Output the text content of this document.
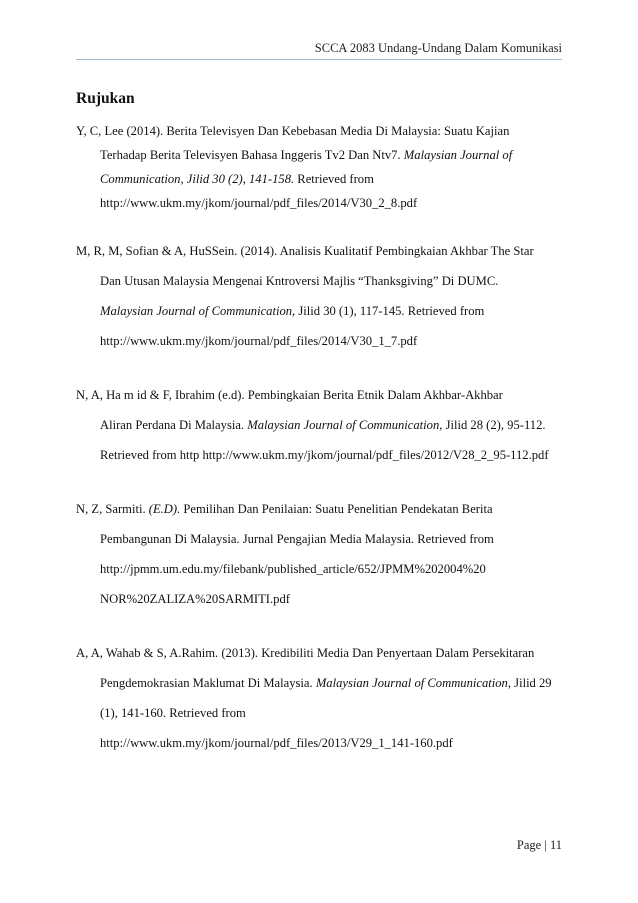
SCCA 2083 Undang-Undang Dalam Komunikasi
Rujukan
Y, C, Lee (2014). Berita Televisyen Dan Kebebasan Media Di Malaysia: Suatu Kajian
Terhadap Berita Televisyen Bahasa Inggeris Tv2 Dan Ntv7. Malaysian Journal of
Communication, Jilid 30 (2), 141-158. Retrieved from
http://www.ukm.my/jkom/journal/pdf_files/2014/V30_2_8.pdf
M, R, M, Sofian & A, HuSSein. (2014). Analisis Kualitatif Pembingkaian Akhbar The Star
Dan Utusan Malaysia Mengenai Kntroversi Majlis “Thanksgiving” Di DUMC.
Malaysian Journal of Communication, Jilid 30 (1), 117-145. Retrieved from
http://www.ukm.my/jkom/journal/pdf_files/2014/V30_1_7.pdf
N, A, Ha m id & F, Ibrahim (e.d). Pembingkaian Berita Etnik Dalam Akhbar-Akhbar
Aliran Perdana Di Malaysia. Malaysian Journal of Communication, Jilid 28 (2), 95-112.
Retrieved from http http://www.ukm.my/jkom/journal/pdf_files/2012/V28_2_95-112.pdf
N, Z, Sarmiti. (E.D). Pemilihan Dan Penilaian: Suatu Penelitian Pendekatan Berita
Pembangunan Di Malaysia. Jurnal Pengajian Media Malaysia. Retrieved from
http://jpmm.um.edu.my/filebank/published_article/652/JPMM%202004%20
NOR%20ZALIZA%20SARMITI.pdf
A, A, Wahab & S, A.Rahim. (2013). Kredibiliti Media Dan Penyertaan Dalam Persekitaran
Pengdemokrasian Maklumat Di Malaysia. Malaysian Journal of Communication, Jilid 29
(1), 141-160. Retrieved from
http://www.ukm.my/jkom/journal/pdf_files/2013/V29_1_141-160.pdf
Page | 11
